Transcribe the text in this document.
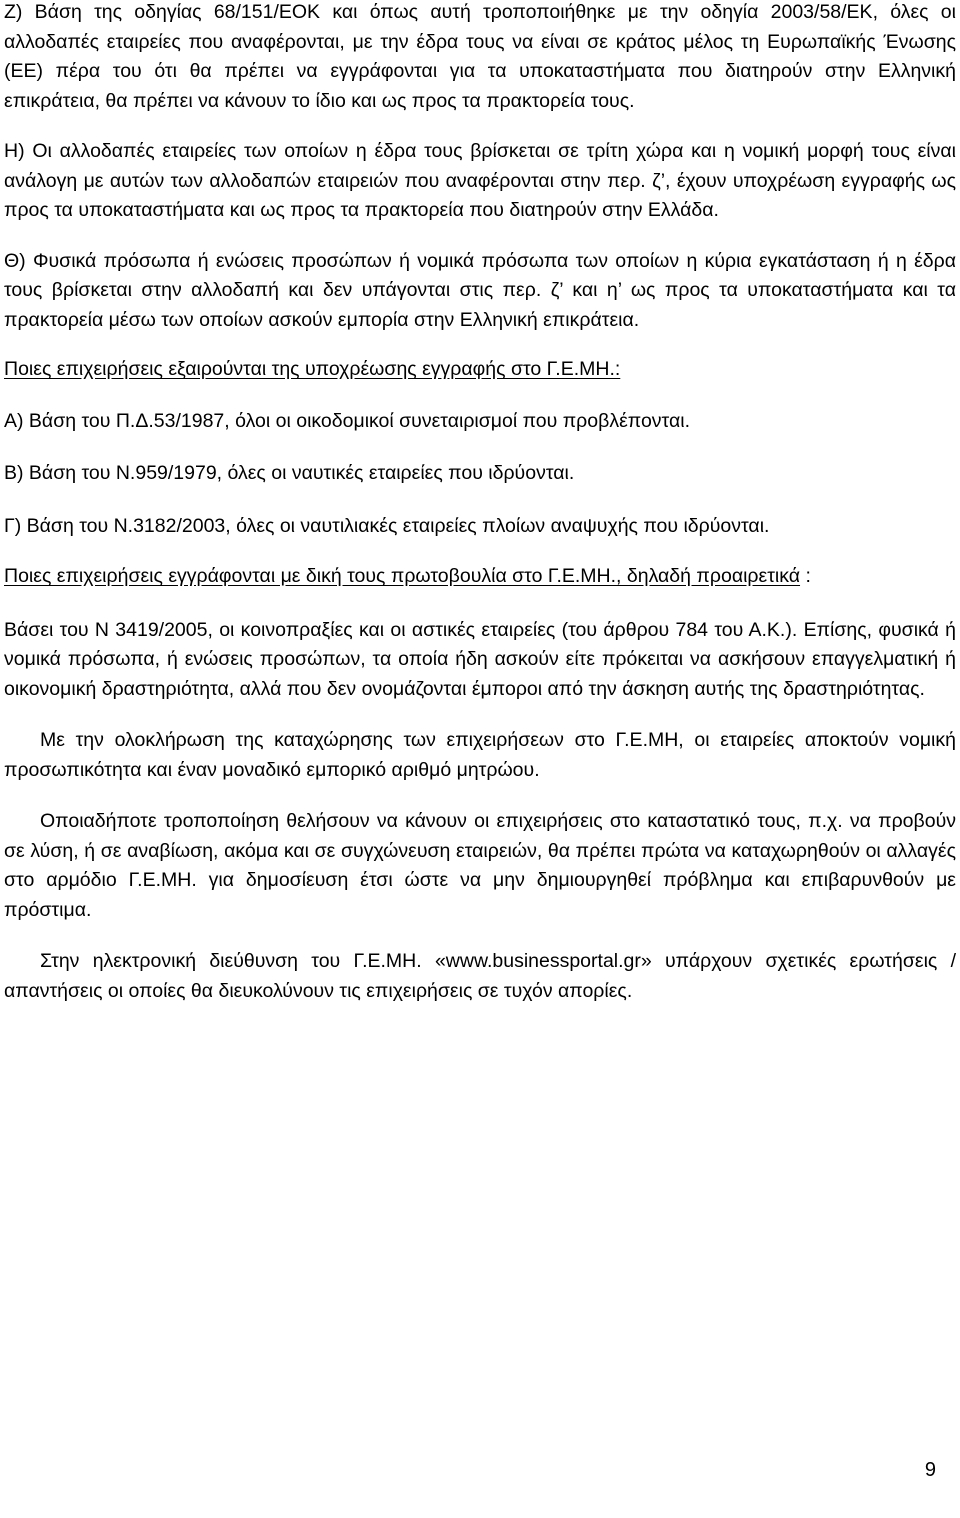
Ζ) Βάση της οδηγίας 68/151/ΕΟΚ και όπως αυτή τροποποιήθηκε με την οδηγία 2003/58/ΕΚ, όλες οι αλλοδαπές εταιρείες που αναφέρονται, με την έδρα τους να είναι σε κράτος μέλος τη Ευρωπαϊκής Ένωσης (ΕΕ) πέρα του ότι θα πρέπει να εγγράφονται για τα υποκαταστήματα που διατηρούν στην Ελληνική επικράτεια, θα πρέπει να κάνουν το ίδιο και ως προς τα πρακτορεία τους.

Η) Οι αλλοδαπές εταιρείες των οποίων η έδρα τους βρίσκεται σε τρίτη χώρα και η νομική μορφή τους είναι ανάλογη με αυτών των αλλοδαπών εταιρειών που αναφέρονται στην περ. ζ’, έχουν υποχρέωση εγγραφής ως προς τα υποκαταστήματα και ως προς τα πρακτορεία που διατηρούν στην Ελλάδα.

Θ) Φυσικά πρόσωπα ή ενώσεις προσώπων ή νομικά πρόσωπα των οποίων η κύρια εγκατάσταση ή η έδρα τους βρίσκεται στην αλλοδαπή και δεν υπάγονται στις περ. ζ’ και η’ ως προς τα υποκαταστήματα και τα πρακτορεία μέσω των οποίων ασκούν εμπορία στην Ελληνική επικράτεια.

Ποιες επιχειρήσεις εξαιρούνται της υποχρέωσης εγγραφής στο Γ.Ε.ΜΗ.:

Α) Βάση του Π.Δ.53/1987, όλοι οι οικοδομικοί συνεταιρισμοί που προβλέπονται.

Β) Βάση του Ν.959/1979, όλες οι ναυτικές εταιρείες που ιδρύονται.

Γ) Βάση του Ν.3182/2003, όλες οι ναυτιλιακές εταιρείες πλοίων αναψυχής που ιδρύονται.

Ποιες επιχειρήσεις εγγράφονται με δική τους πρωτοβουλία στο Γ.Ε.ΜΗ., δηλαδή προαιρετικά :

Βάσει του Ν 3419/2005, οι κοινοπραξίες και οι αστικές εταιρείες (του άρθρου 784 του Α.Κ.). Επίσης, φυσικά ή νομικά πρόσωπα, ή ενώσεις προσώπων, τα οποία ήδη ασκούν είτε πρόκειται να ασκήσουν επαγγελματική ή οικονομική δραστηριότητα, αλλά που δεν ονομάζονται έμποροι από την άσκηση αυτής της δραστηριότητας.

Με την ολοκλήρωση της καταχώρησης των επιχειρήσεων στο Γ.Ε.ΜΗ, οι εταιρείες αποκτούν νομική προσωπικότητα και έναν μοναδικό εμπορικό αριθμό μητρώου.

Οποιαδήποτε τροποποίηση θελήσουν να κάνουν οι επιχειρήσεις στο καταστατικό τους, π.χ. να προβούν σε λύση, ή σε αναβίωση, ακόμα και σε συγχώνευση εταιρειών, θα πρέπει πρώτα να καταχωρηθούν οι αλλαγές στο αρμόδιο Γ.Ε.ΜΗ. για δημοσίευση έτσι ώστε να μην δημιουργηθεί πρόβλημα και επιβαρυνθούν με πρόστιμα.

Στην ηλεκτρονική διεύθυνση του Γ.Ε.ΜΗ. «www.businessportal.gr» υπάρχουν σχετικές ερωτήσεις / απαντήσεις οι οποίες θα διευκολύνουν τις επιχειρήσεις σε τυχόν απορίες.

9
